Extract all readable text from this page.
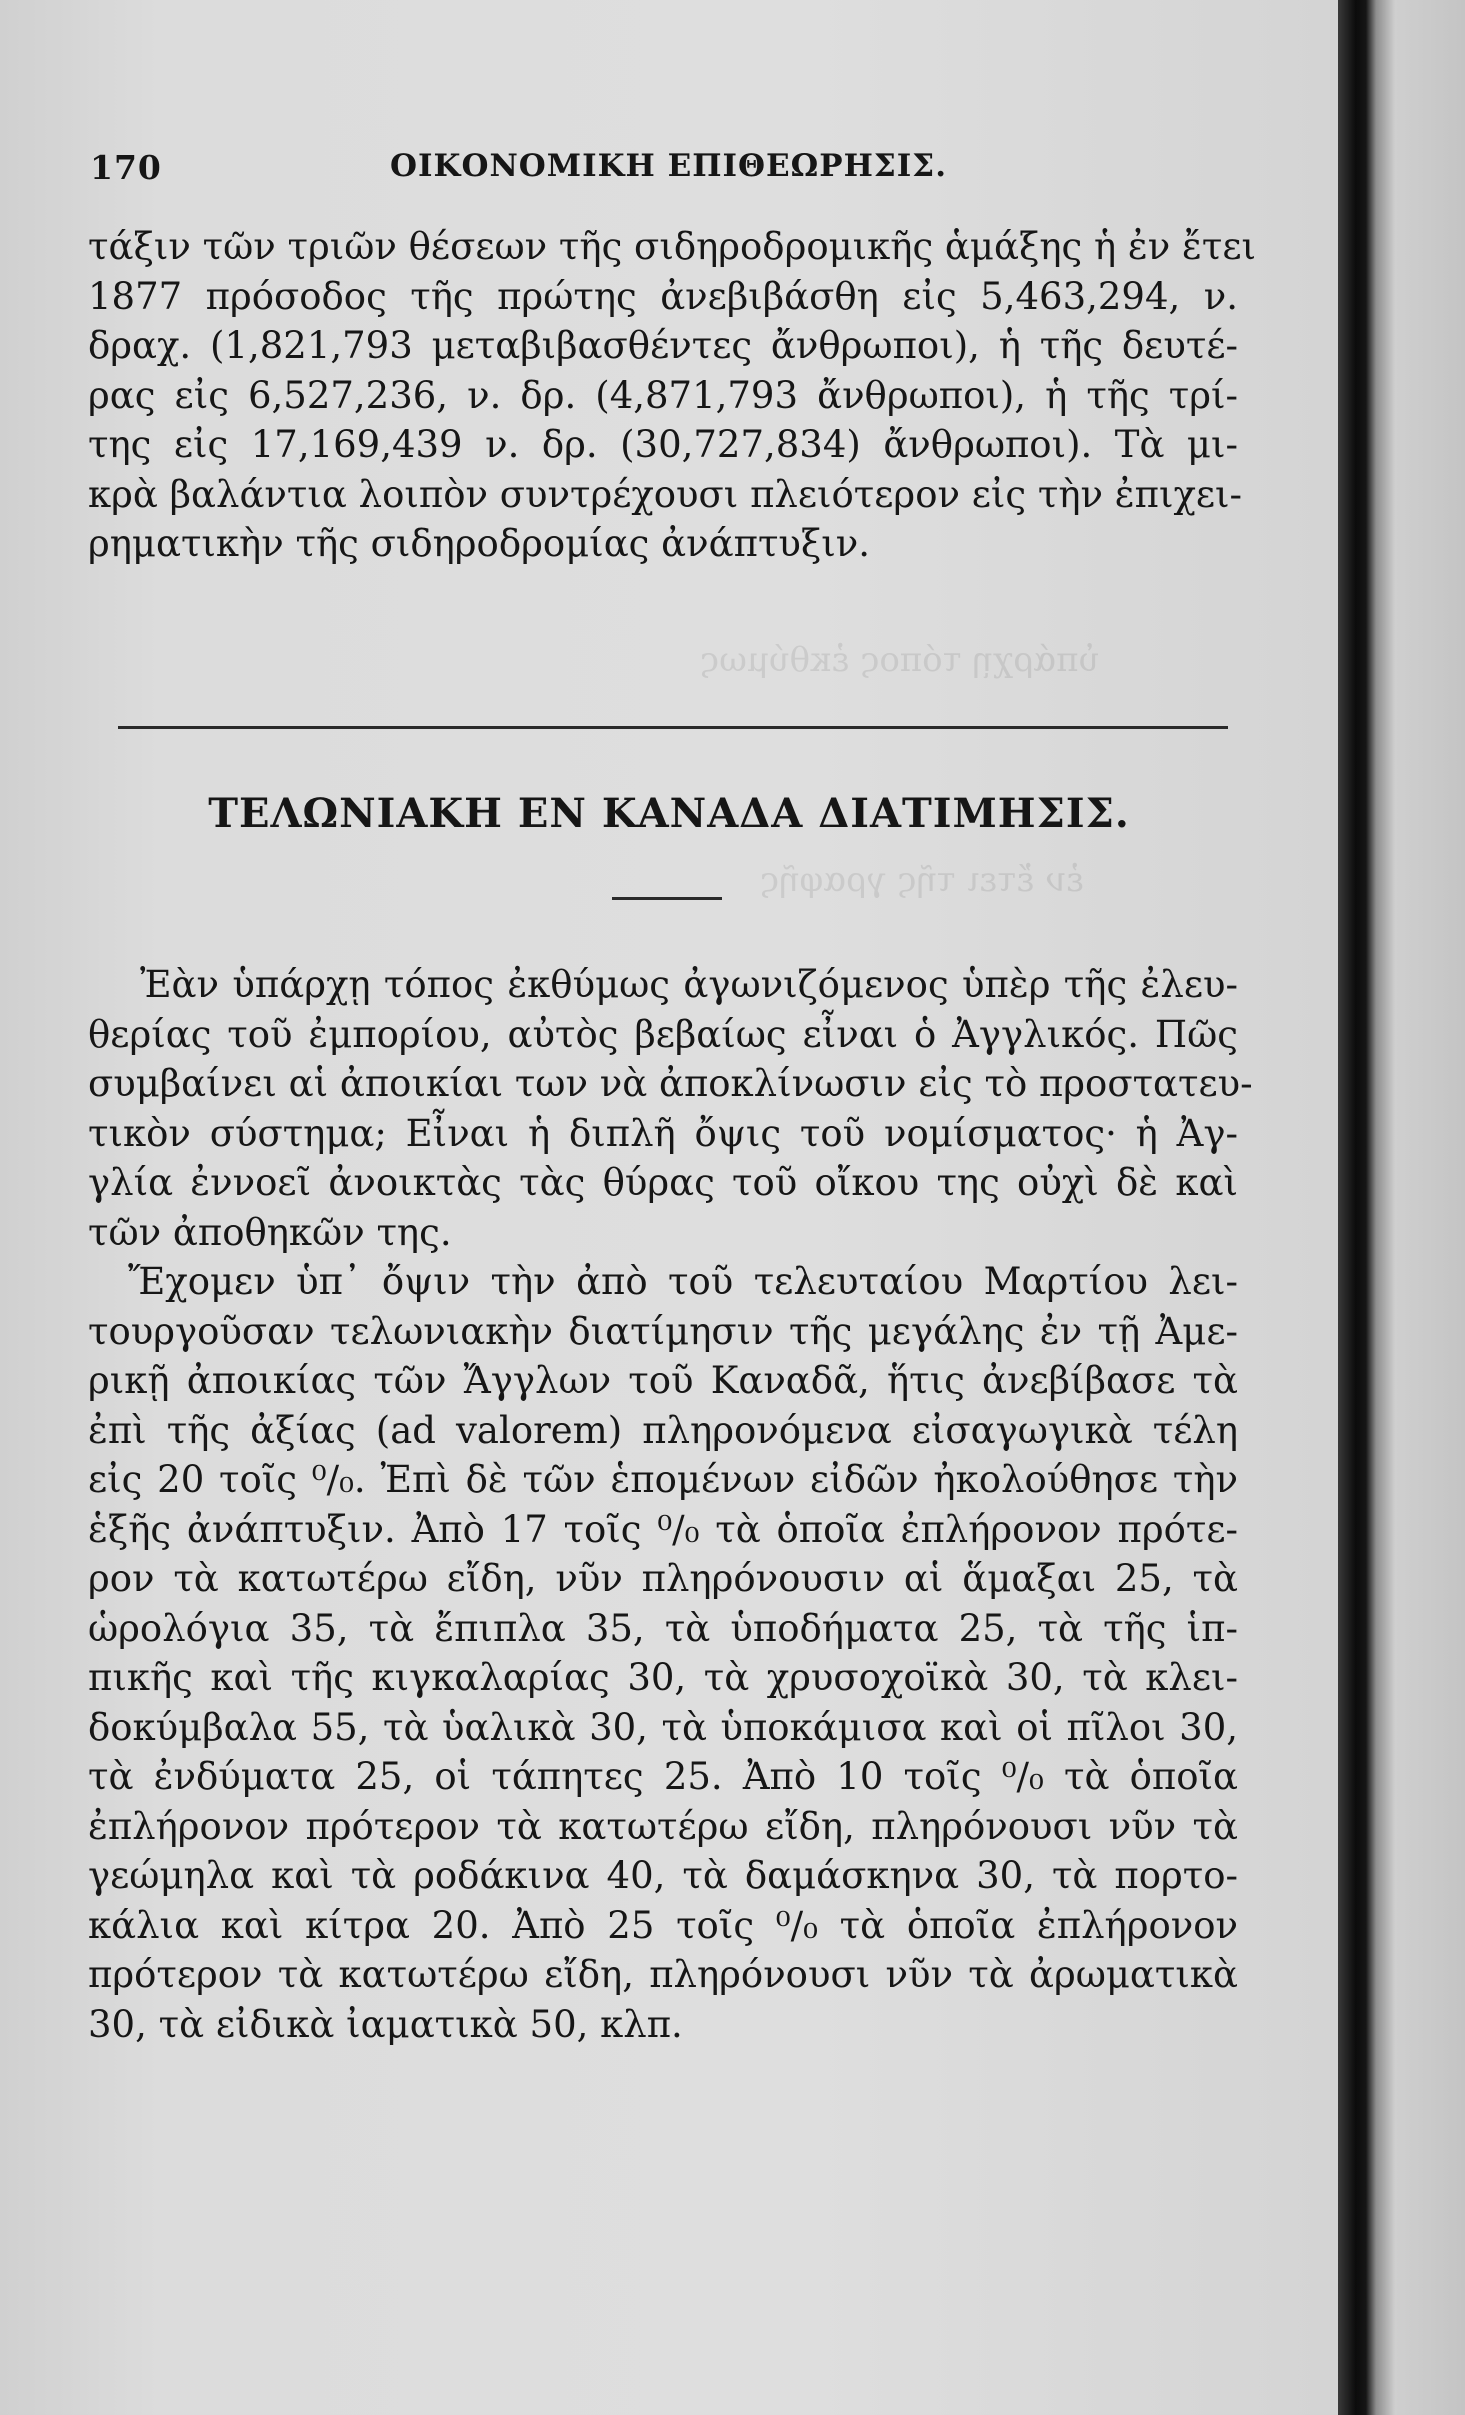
ὑπάρχῃ τόπος ἐκθύμως
ἐν ἔτει τῆς γραφῆς
170	ΟΙΚΟΝΟΜΙΚΗ ΕΠΙΘΕΩΡΗΣΙΣ.
τάξιν τῶν τριῶν θέσεων τῆς σιδηροδρομικῆς ἁμάξης ἡ ἐν ἔτει
1877 πρόσοδος τῆς πρώτης ἀνεβιβάσθη εἰς 5,463,294, ν.
δραχ. (1,821,793 μεταβιβασθέντες ἄνθρωποι), ἡ τῆς δευτέ-
ρας εἰς 6,527,236, ν. δρ. (4,871,793 ἄνθρωποι), ἡ τῆς τρί-
της εἰς 17,169,439 ν. δρ. (30,727,834) ἄνθρωποι). Τὰ μι-
κρὰ βαλάντια λοιπὸν συντρέχουσι πλειότερον εἰς τὴν ἐπιχει-
ρηματικὴν τῆς σιδηροδρομίας ἀνάπτυξιν.
ΤΕΛΩΝΙΑΚΗ ΕΝ ΚΑΝΑΔΑ ΔΙΑΤΙΜΗΣΙΣ.
Ἐὰν ὑπάρχῃ τόπος ἐκθύμως ἀγωνιζόμενος ὑπὲρ τῆς ἐλευ-
θερίας τοῦ ἐμπορίου, αὐτὸς βεβαίως εἶναι ὁ Ἀγγλικός. Πῶς
συμβαίνει αἱ ἀποικίαι των νὰ ἀποκλίνωσιν εἰς τὸ προστατευ-
τικὸν σύστημα; Εἶναι ἡ διπλῆ ὄψις τοῦ νομίσματος· ἡ Ἀγ-
γλία ἐννοεῖ ἀνοικτὰς τὰς θύρας τοῦ οἴκου της οὐχὶ δὲ καὶ
τῶν ἀποθηκῶν της.
Ἔχομεν ὑπ᾽ ὄψιν τὴν ἀπὸ τοῦ τελευταίου Μαρτίου λει-
τουργοῦσαν τελωνιακὴν διατίμησιν τῆς μεγάλης ἐν τῇ Ἀμε-
ρικῇ ἀποικίας τῶν Ἄγγλων τοῦ Καναδᾶ, ἥτις ἀνεβίβασε τὰ
ἐπὶ τῆς ἀξίας (ad valorem) πληρονόμενα εἰσαγωγικὰ τέλη
εἰς 20 τοῖς ⁰/₀. Ἐπὶ δὲ τῶν ἑπομένων εἰδῶν ἠκολούθησε τὴν
ἑξῆς ἀνάπτυξιν. Ἀπὸ 17 τοῖς ⁰/₀ τὰ ὁποῖα ἐπλήρονον πρότε-
ρον τὰ κατωτέρω εἴδη, νῦν πληρόνουσιν αἱ ἅμαξαι 25, τὰ
ὡρολόγια 35, τὰ ἔπιπλα 35, τὰ ὑποδήματα 25, τὰ τῆς ἱπ-
πικῆς καὶ τῆς κιγκαλαρίας 30, τὰ χρυσοχοϊκὰ 30, τὰ κλει-
δοκύμβαλα 55, τὰ ὑαλικὰ 30, τὰ ὑποκάμισα καὶ οἱ πῖλοι 30,
τὰ ἐνδύματα 25, οἱ τάπητες 25. Ἀπὸ 10 τοῖς ⁰/₀ τὰ ὁποῖα
ἐπλήρονον πρότερον τὰ κατωτέρω εἴδη, πληρόνουσι νῦν τὰ
γεώμηλα καὶ τὰ ροδάκινα 40, τὰ δαμάσκηνα 30, τὰ πορτο-
κάλια καὶ κίτρα 20. Ἀπὸ 25 τοῖς ⁰/₀ τὰ ὁποῖα ἐπλήρονον
πρότερον τὰ κατωτέρω εἴδη, πληρόνουσι νῦν τὰ ἀρωματικὰ
30, τὰ εἰδικὰ ἰαματικὰ 50, κλπ.
